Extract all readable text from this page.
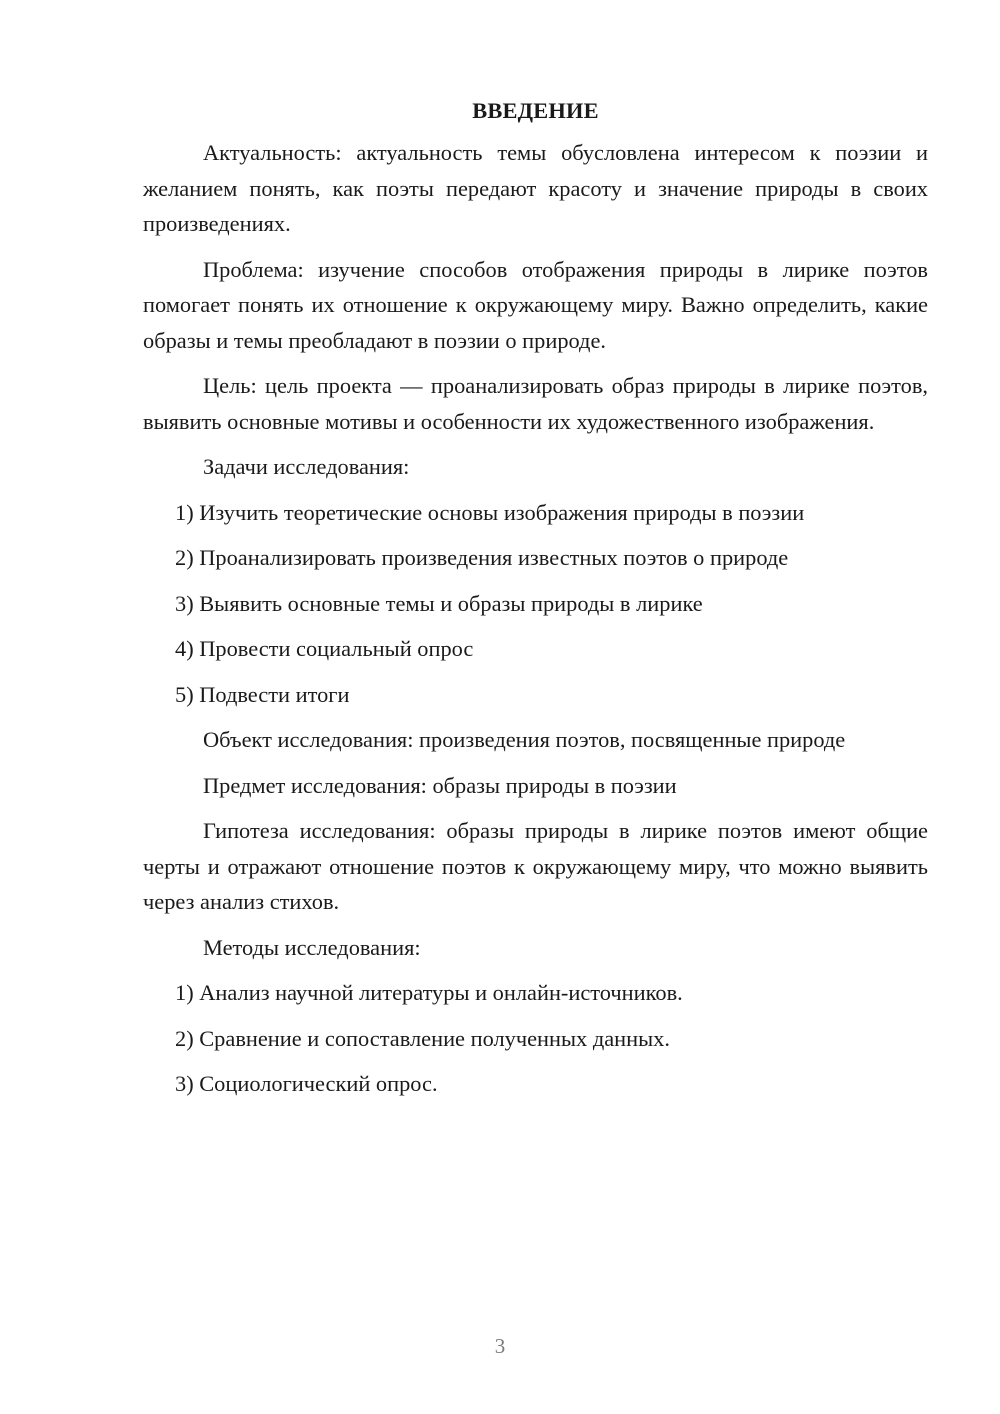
ВВЕДЕНИЕ

Актуальность: актуальность темы обусловлена интересом к поэзии и желанием понять, как поэты передают красоту и значение природы в своих произведениях.

Проблема: изучение способов отображения природы в лирике поэтов помогает понять их отношение к окружающему миру. Важно определить, какие образы и темы преобладают в поэзии о природе.

Цель: цель проекта — проанализировать образ природы в лирике поэтов, выявить основные мотивы и особенности их художественного изображения.

Задачи исследования:

1) Изучить теоретические основы изображения природы в поэзии

2) Проанализировать произведения известных поэтов о природе

3) Выявить основные темы и образы природы в лирике

4) Провести социальный опрос

5) Подвести итоги

Объект исследования: произведения поэтов, посвященные природе

Предмет исследования: образы природы в поэзии

Гипотеза исследования: образы природы в лирике поэтов имеют общие черты и отражают отношение поэтов к окружающему миру, что можно выявить через анализ стихов.

Методы исследования:

1) Анализ научной литературы и онлайн-источников.

2) Сравнение и сопоставление полученных данных.

3) Социологический опрос.

3
